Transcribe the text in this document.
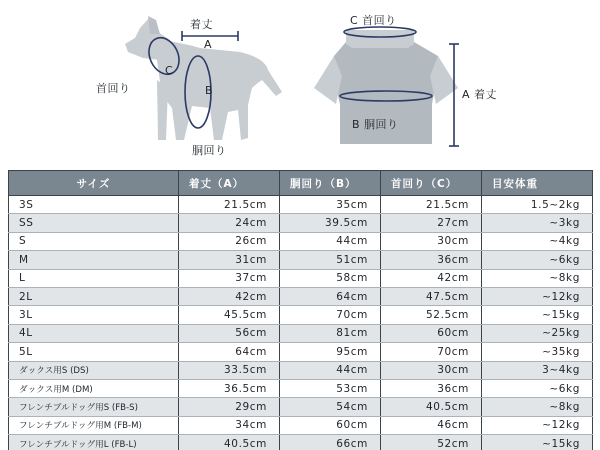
着丈
A
首回り
C
B
胴回り
C 首回り
A 着丈
B 胴回り
サイズ	着丈（A）	胴回り（B）	首回り（C）	目安体重
3S	21.5cm	35cm	21.5cm	1.5~2kg
SS	24cm	39.5cm	27cm	~3kg
S	26cm	44cm	30cm	~4kg
M	31cm	51cm	36cm	~6kg
L	37cm	58cm	42cm	~8kg
2L	42cm	64cm	47.5cm	~12kg
3L	45.5cm	70cm	52.5cm	~15kg
4L	56cm	81cm	60cm	~25kg
5L	64cm	95cm	70cm	~35kg
ダックス用S (DS)	33.5cm	44cm	30cm	3~4kg
ダックス用M (DM)	36.5cm	53cm	36cm	~6kg
フレンチブルドッグ用S (FB-S)	29cm	54cm	40.5cm	~8kg
フレンチブルドッグ用M (FB-M)	34cm	60cm	46cm	~12kg
フレンチブルドッグ用L (FB-L)	40.5cm	66cm	52cm	~15kg
